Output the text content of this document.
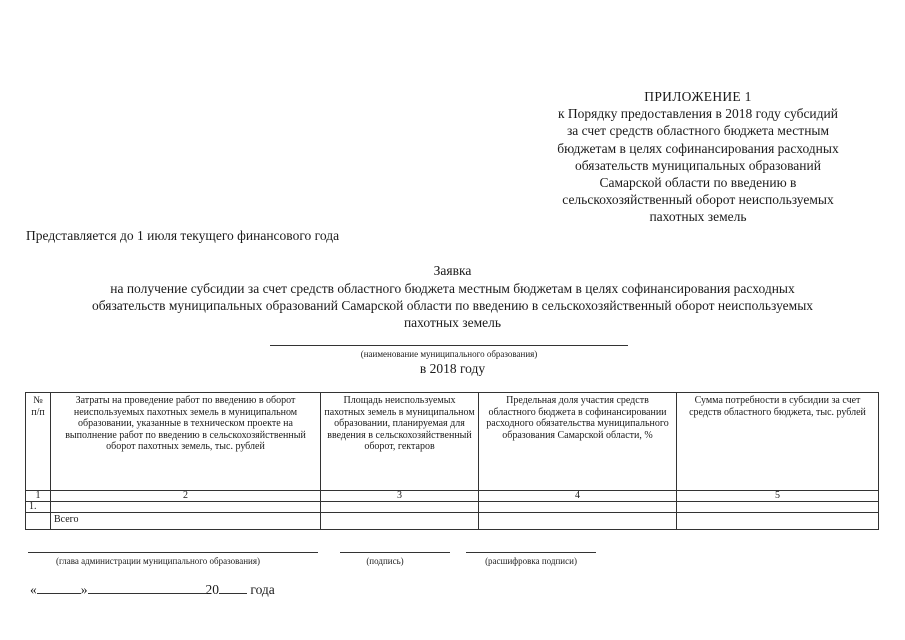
ПРИЛОЖЕНИЕ 1
к Порядку предоставления в 2018 году субсидий
за счет средств областного бюджета местным
бюджетам в целях софинансирования расходных
обязательств муниципальных образований
Самарской области по введению в
сельскохозяйственный оборот неиспользуемых
пахотных земель
Представляется до 1 июля текущего финансового года
Заявка
на получение субсидии за счет средств областного бюджета местным бюджетам в целях софинансирования расходных
обязательств муниципальных образований Самарской области по введению в сельскохозяйственный оборот неиспользуемых
пахотных земель
(наименование муниципального образования)
в 2018 году
№ п/п	Затраты на проведение работ по введению в оборот неиспользуемых пахотных земель в муниципальном образовании, указанные в техническом проекте на выполнение работ по введению в сельскохозяйственный оборот пахотных земель, тыс. рублей	Площадь неиспользуемых пахотных земель в муниципальном образовании, планируемая для введения в сельскохозяйственный оборот, гектаров	Предельная доля участия средств областного бюджета в софинансировании расходного обязательства муниципального образования Самарской области, %	Сумма потребности в субсидии за счет средств областного бюджета, тыс. рублей
1	2	3	4	5
1.				
	Всего			
(глава администрации муниципального образования)	(подпись)	(расшифровка подписи)
«	»	20 года
